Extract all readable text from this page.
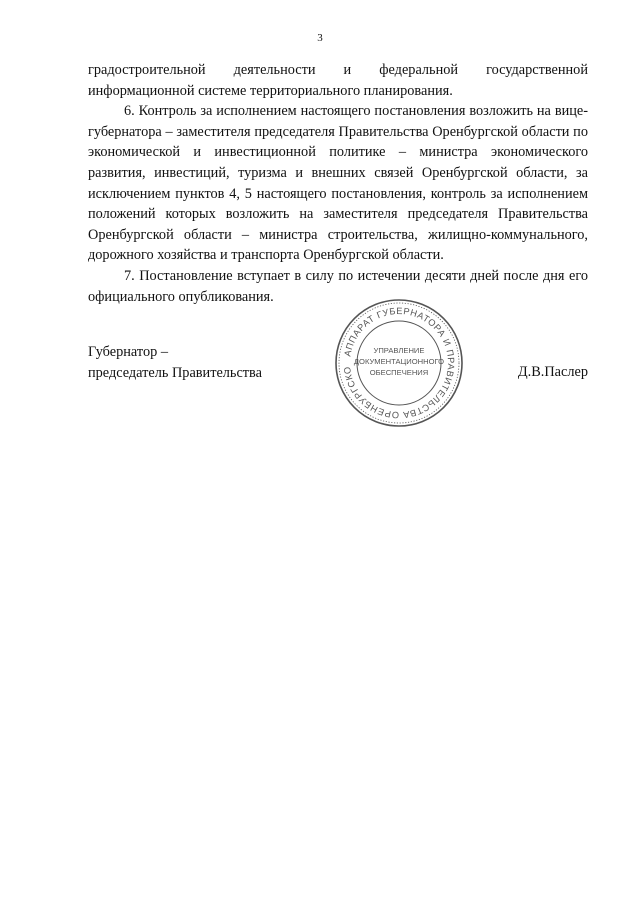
3

градостроительной деятельности и федеральной государственной информационной системе территориального планирования.

6. Контроль за исполнением настоящего постановления возложить на вице-губернатора – заместителя председателя Правительства Оренбургской области по экономической и инвестиционной политике – министра экономического развития, инвестиций, туризма и внешних связей Оренбургской области, за исключением пунктов 4, 5 настоящего постановления, контроль за исполнением положений которых возложить на заместителя председателя Правительства Оренбургской области – министра строительства, жилищно-коммунального, дорожного хозяйства и транспорта Оренбургской области.

7. Постановление вступает в силу по истечении десяти дней после дня его официального опубликования.

Губернатор –
председатель Правительства	Д.В.Паслер
АППАРАТ ГУБЕРНАТОРА И ПРАВИТЕЛЬСТВА ОРЕНБУРГСКО
УПРАВЛЕНИЕ
ДОКУМЕНТАЦИОННОГО
ОБЕСПЕЧЕНИЯ
